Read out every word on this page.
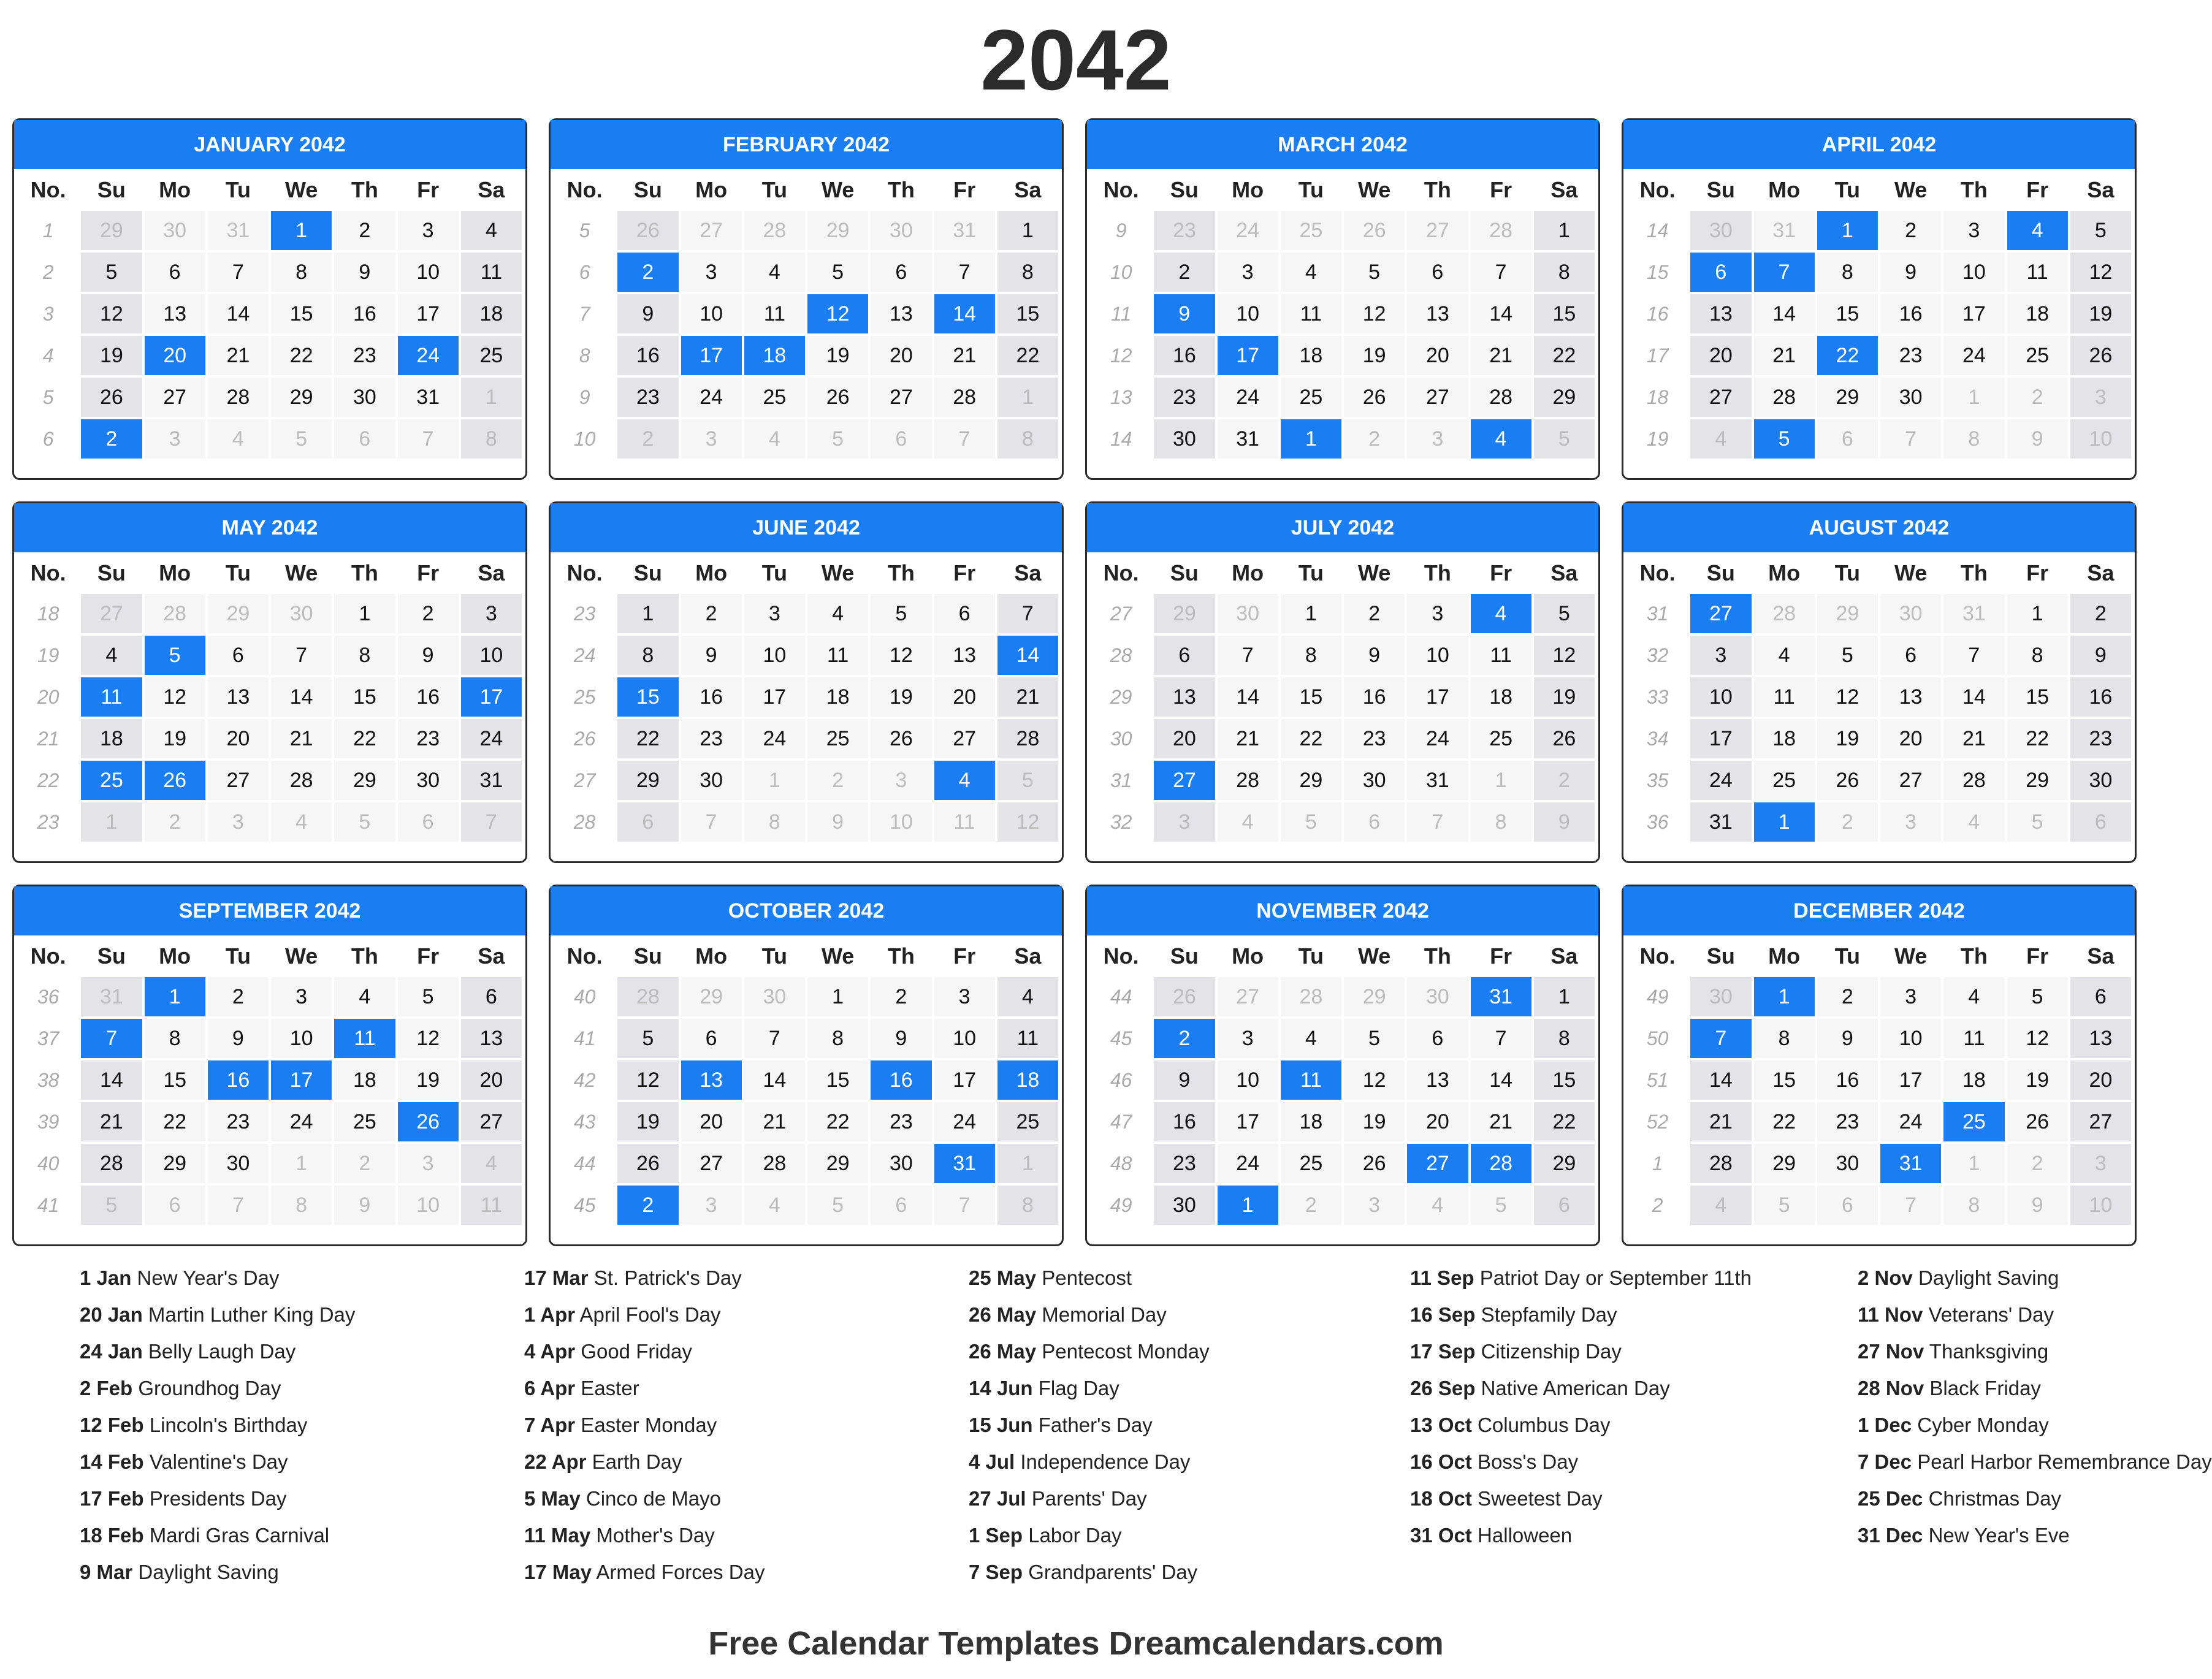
2042
JANUARY 2042
No.	Su	Mo	Tu	We	Th	Fr	Sa
1	29	30	31	1	2	3	4
2	5	6	7	8	9	10	11
3	12	13	14	15	16	17	18
4	19	20	21	22	23	24	25
5	26	27	28	29	30	31	1
6	2	3	4	5	6	7	8
FEBRUARY 2042
No.	Su	Mo	Tu	We	Th	Fr	Sa
5	26	27	28	29	30	31	1
6	2	3	4	5	6	7	8
7	9	10	11	12	13	14	15
8	16	17	18	19	20	21	22
9	23	24	25	26	27	28	1
10	2	3	4	5	6	7	8
MARCH 2042
No.	Su	Mo	Tu	We	Th	Fr	Sa
9	23	24	25	26	27	28	1
10	2	3	4	5	6	7	8
11	9	10	11	12	13	14	15
12	16	17	18	19	20	21	22
13	23	24	25	26	27	28	29
14	30	31	1	2	3	4	5
APRIL 2042
No.	Su	Mo	Tu	We	Th	Fr	Sa
14	30	31	1	2	3	4	5
15	6	7	8	9	10	11	12
16	13	14	15	16	17	18	19
17	20	21	22	23	24	25	26
18	27	28	29	30	1	2	3
19	4	5	6	7	8	9	10
MAY 2042
No.	Su	Mo	Tu	We	Th	Fr	Sa
18	27	28	29	30	1	2	3
19	4	5	6	7	8	9	10
20	11	12	13	14	15	16	17
21	18	19	20	21	22	23	24
22	25	26	27	28	29	30	31
23	1	2	3	4	5	6	7
JUNE 2042
No.	Su	Mo	Tu	We	Th	Fr	Sa
23	1	2	3	4	5	6	7
24	8	9	10	11	12	13	14
25	15	16	17	18	19	20	21
26	22	23	24	25	26	27	28
27	29	30	1	2	3	4	5
28	6	7	8	9	10	11	12
JULY 2042
No.	Su	Mo	Tu	We	Th	Fr	Sa
27	29	30	1	2	3	4	5
28	6	7	8	9	10	11	12
29	13	14	15	16	17	18	19
30	20	21	22	23	24	25	26
31	27	28	29	30	31	1	2
32	3	4	5	6	7	8	9
AUGUST 2042
No.	Su	Mo	Tu	We	Th	Fr	Sa
31	27	28	29	30	31	1	2
32	3	4	5	6	7	8	9
33	10	11	12	13	14	15	16
34	17	18	19	20	21	22	23
35	24	25	26	27	28	29	30
36	31	1	2	3	4	5	6
SEPTEMBER 2042
No.	Su	Mo	Tu	We	Th	Fr	Sa
36	31	1	2	3	4	5	6
37	7	8	9	10	11	12	13
38	14	15	16	17	18	19	20
39	21	22	23	24	25	26	27
40	28	29	30	1	2	3	4
41	5	6	7	8	9	10	11
OCTOBER 2042
No.	Su	Mo	Tu	We	Th	Fr	Sa
40	28	29	30	1	2	3	4
41	5	6	7	8	9	10	11
42	12	13	14	15	16	17	18
43	19	20	21	22	23	24	25
44	26	27	28	29	30	31	1
45	2	3	4	5	6	7	8
NOVEMBER 2042
No.	Su	Mo	Tu	We	Th	Fr	Sa
44	26	27	28	29	30	31	1
45	2	3	4	5	6	7	8
46	9	10	11	12	13	14	15
47	16	17	18	19	20	21	22
48	23	24	25	26	27	28	29
49	30	1	2	3	4	5	6
DECEMBER 2042
No.	Su	Mo	Tu	We	Th	Fr	Sa
49	30	1	2	3	4	5	6
50	7	8	9	10	11	12	13
51	14	15	16	17	18	19	20
52	21	22	23	24	25	26	27
1	28	29	30	31	1	2	3
2	4	5	6	7	8	9	10
1 Jan New Year's Day
20 Jan Martin Luther King Day
24 Jan Belly Laugh Day
2 Feb Groundhog Day
12 Feb Lincoln's Birthday
14 Feb Valentine's Day
17 Feb Presidents Day
18 Feb Mardi Gras Carnival
9 Mar Daylight Saving
17 Mar St. Patrick's Day
1 Apr April Fool's Day
4 Apr Good Friday
6 Apr Easter
7 Apr Easter Monday
22 Apr Earth Day
5 May Cinco de Mayo
11 May Mother's Day
17 May Armed Forces Day
25 May Pentecost
26 May Memorial Day
26 May Pentecost Monday
14 Jun Flag Day
15 Jun Father's Day
4 Jul Independence Day
27 Jul Parents' Day
1 Sep Labor Day
7 Sep Grandparents' Day
11 Sep Patriot Day or September 11th
16 Sep Stepfamily Day
17 Sep Citizenship Day
26 Sep Native American Day
13 Oct Columbus Day
16 Oct Boss's Day
18 Oct Sweetest Day
31 Oct Halloween
2 Nov Daylight Saving
11 Nov Veterans' Day
27 Nov Thanksgiving
28 Nov Black Friday
1 Dec Cyber Monday
7 Dec Pearl Harbor Remembrance Day
25 Dec Christmas Day
31 Dec New Year's Eve
Free Calendar Templates Dreamcalendars.com
